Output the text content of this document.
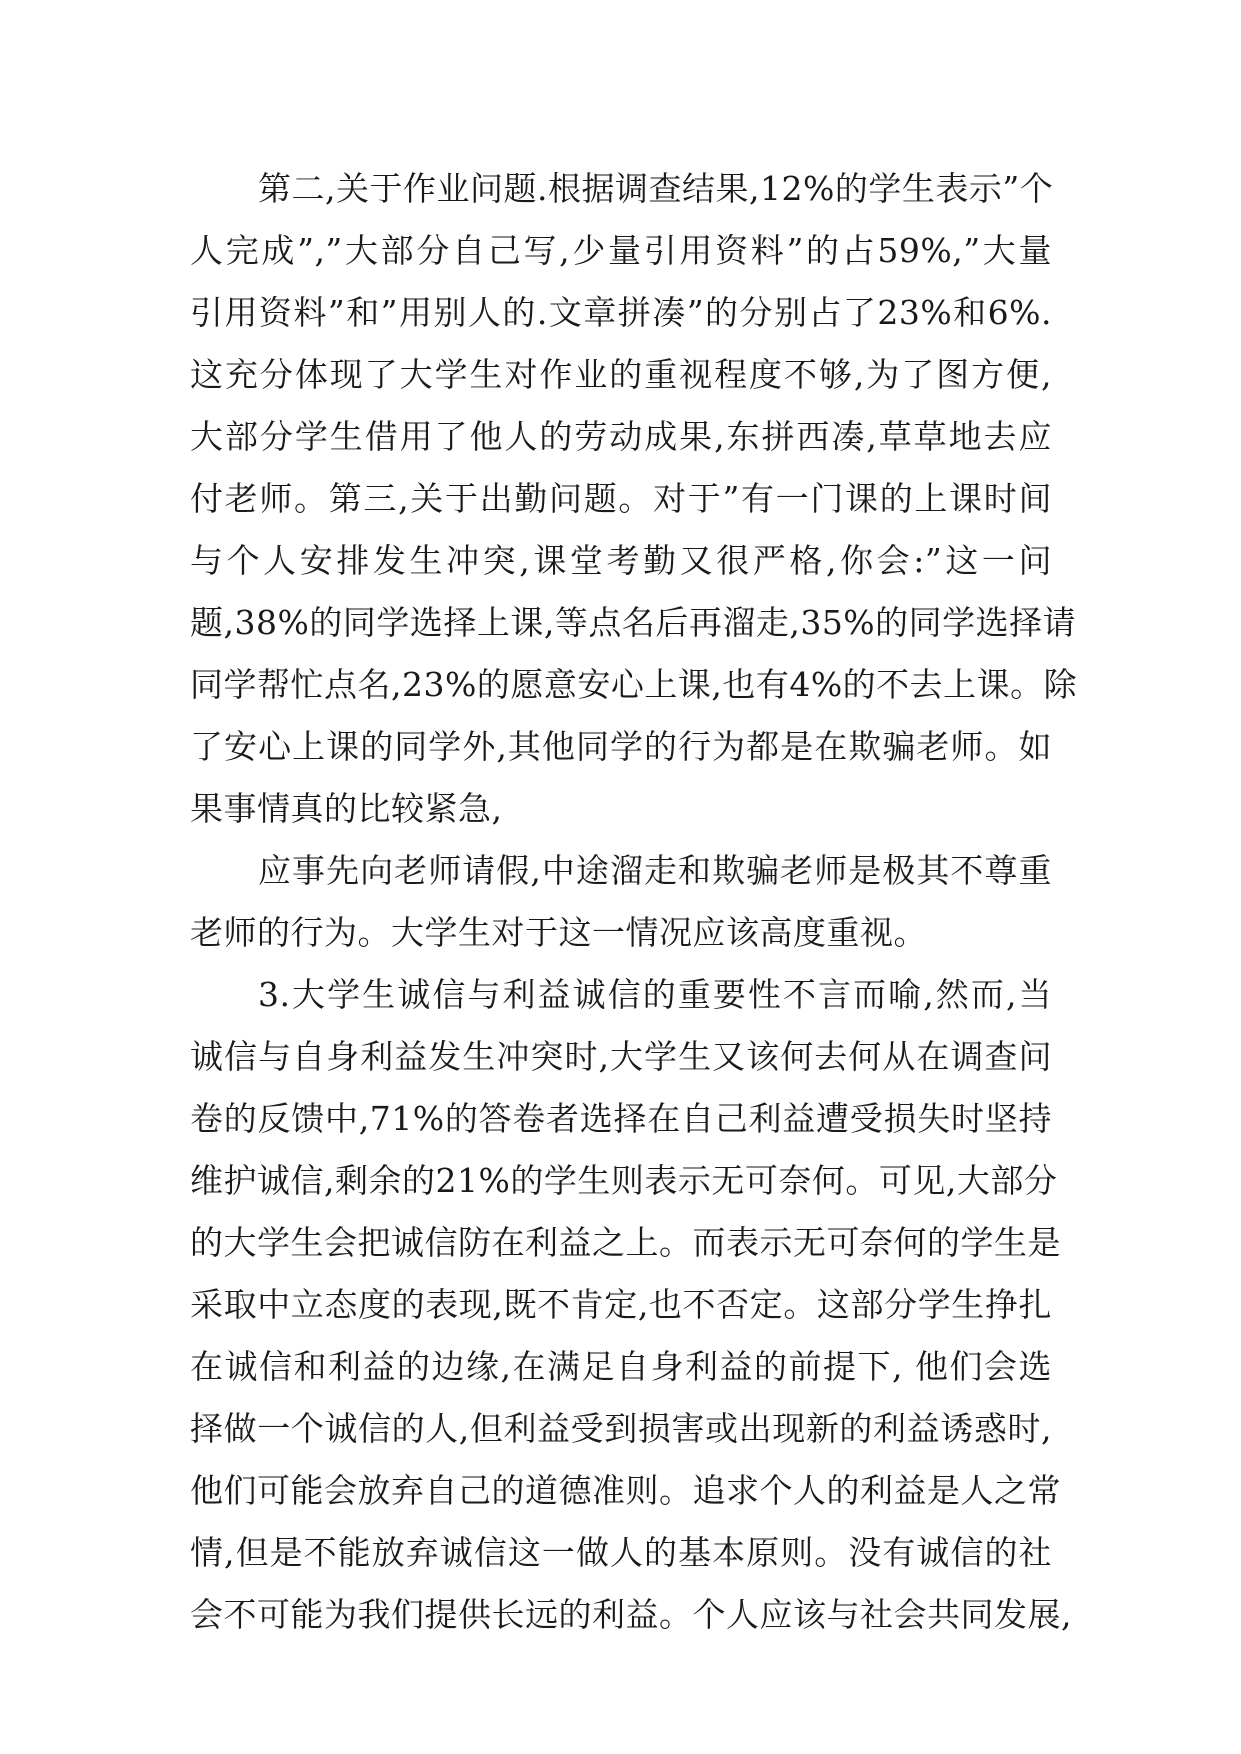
第二,关于作业问题.根据调查结果,12%的学生表示”个
人完成”,”大部分自己写,少量引用资料”的占59%,”大量
引用资料”和”用别人的.文章拼凑”的分别占了23%和6%.
这充分体现了大学生对作业的重视程度不够,为了图方便,
大部分学生借用了他人的劳动成果,东拼西凑,草草地去应
付老师。第三,关于出勤问题。对于”有一门课的上课时间
与个人安排发生冲突,课堂考勤又很严格,你会:”这一问
题,38%的同学选择上课,等点名后再溜走,35%的同学选择请
同学帮忙点名,23%的愿意安心上课,也有4%的不去上课。除
了安心上课的同学外,其他同学的行为都是在欺骗老师。如
果事情真的比较紧急,
应事先向老师请假,中途溜走和欺骗老师是极其不尊重
老师的行为。大学生对于这一情况应该高度重视。
3.大学生诚信与利益诚信的重要性不言而喻,然而,当
诚信与自身利益发生冲突时,大学生又该何去何从在调查问
卷的反馈中,71%的答卷者选择在自己利益遭受损失时坚持
维护诚信,剩余的21%的学生则表示无可奈何。可见,大部分
的大学生会把诚信防在利益之上。而表示无可奈何的学生是
采取中立态度的表现,既不肯定,也不否定。这部分学生挣扎
在诚信和利益的边缘,在满足自身利益的前提下, 他们会选
择做一个诚信的人,但利益受到损害或出现新的利益诱惑时,
他们可能会放弃自己的道德准则。追求个人的利益是人之常
情,但是不能放弃诚信这一做人的基本原则。没有诚信的社
会不可能为我们提供长远的利益。个人应该与社会共同发展,
